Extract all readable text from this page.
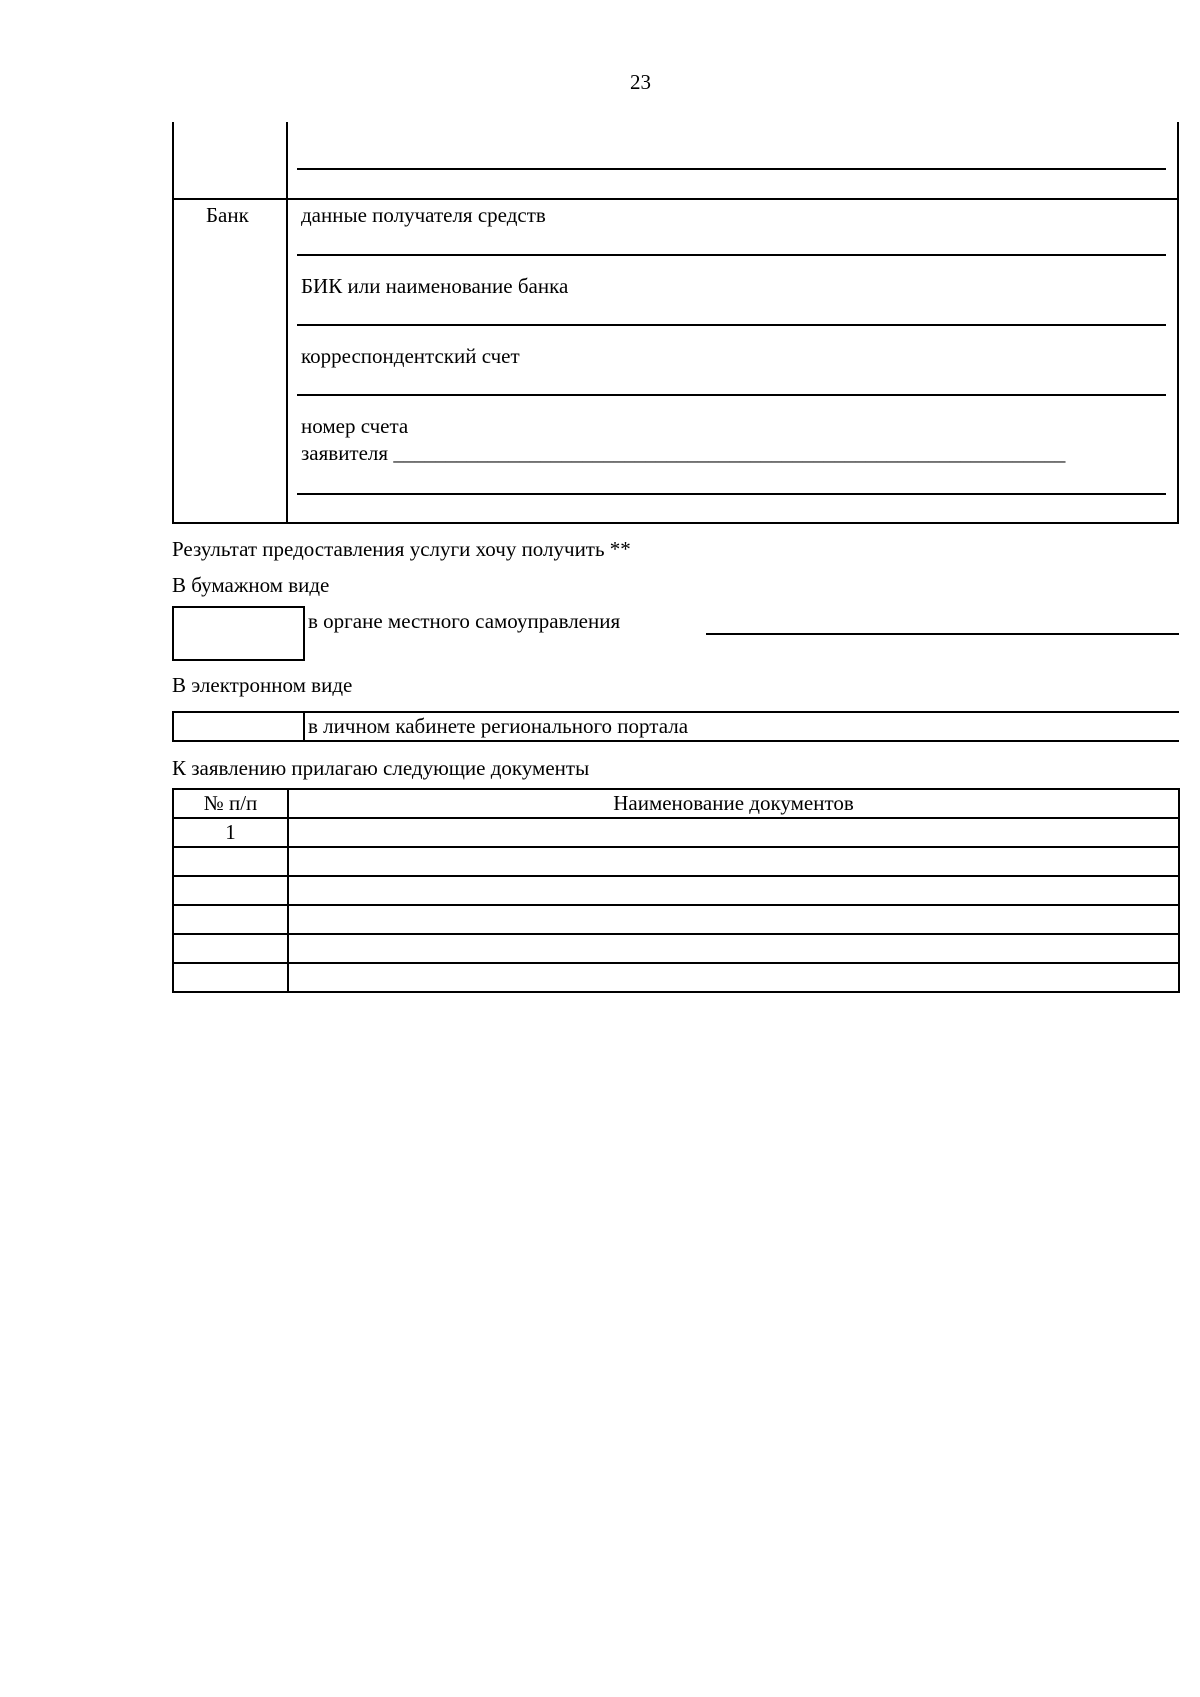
23
Банк данные получателя средств
БИК или наименование банка
корреспондентский счет
номер счета
заявителя ________________________________________________________________
Результат предоставления услуги хочу получить **
В бумажном виде
в органе местного самоуправления
В электронном виде
в личном кабинете регионального портала
К заявлению прилагаю следующие документы
№ п/п	Наименование документов
1	
